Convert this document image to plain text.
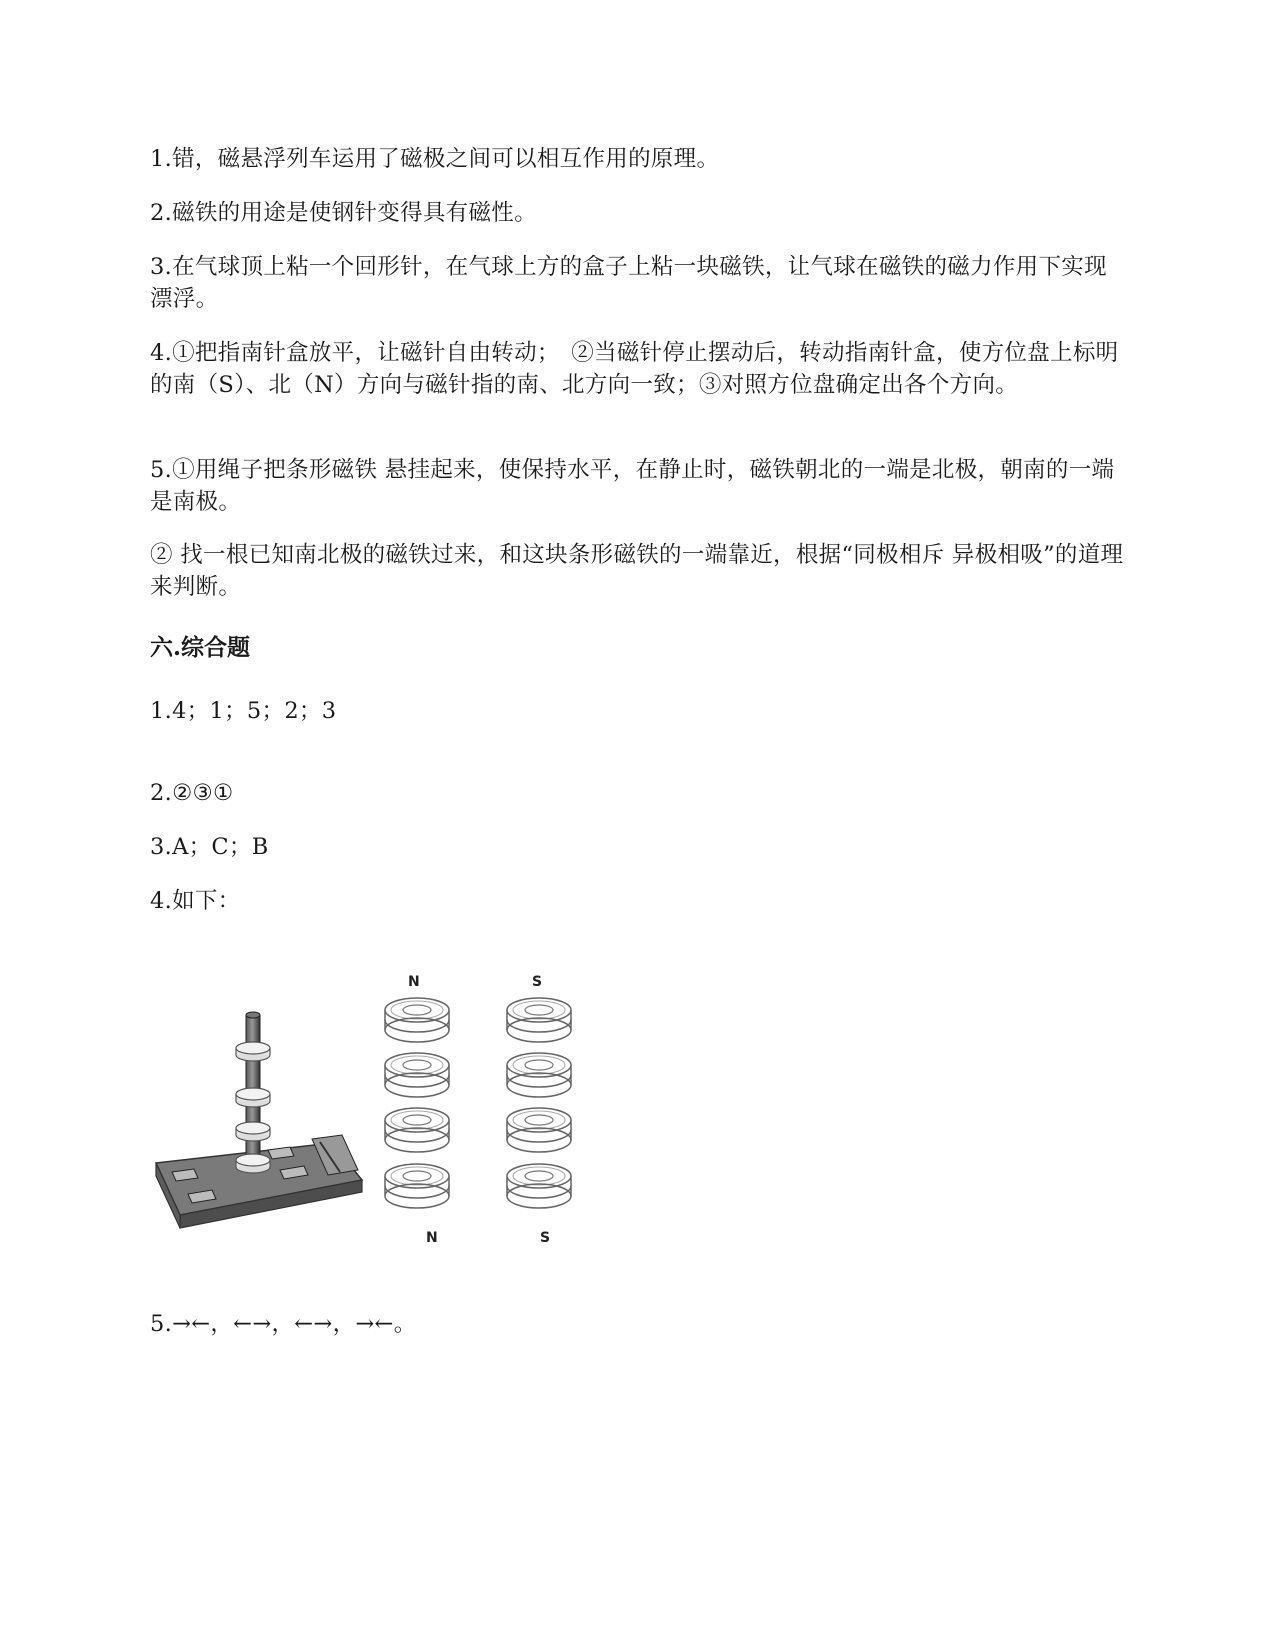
1.错，磁悬浮列车运用了磁极之间可以相互作用的原理。

2.磁铁的用途是使钢针变得具有磁性。

3.在气球顶上粘一个回形针，在气球上方的盒子上粘一块磁铁，让气球在磁铁的磁力作用下实现漂浮。

4.①把指南针盒放平，让磁针自由转动；　②当磁针停止摆动后，转动指南针盒，使方位盘上标明的南（S）、北（N）方向与磁针指的南、北方向一致；③对照方位盘确定出各个方向。

5.①用绳子把条形磁铁 悬挂起来，使保持水平，在静止时，磁铁朝北的一端是北极，朝南的一端是南极。

② 找一根已知南北极的磁铁过来，和这块条形磁铁的一端靠近，根据“同极相斥 异极相吸”的道理来判断。

六.综合题

1.4；1；5；2；3

2.②③①

3.A；C；B

4.如下：

N	S
N	S

5.→←，←→，←→，→←。
